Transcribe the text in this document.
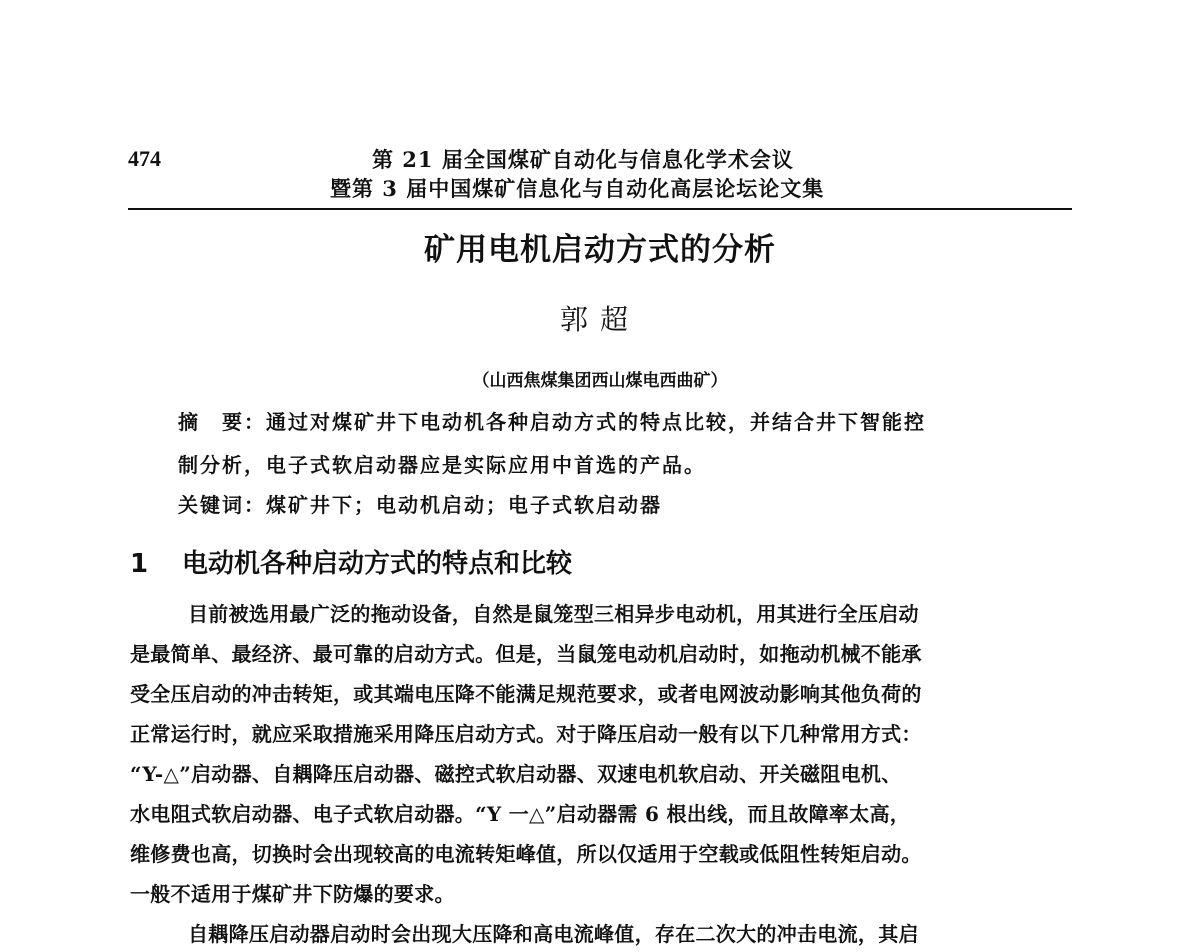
474	第 21 届全国煤矿自动化与信息化学术会议
暨第 3 届中国煤矿信息化与自动化高层论坛论文集
矿用电机启动方式的分析
郭超
（山西焦煤集团西山煤电西曲矿）
摘　要：通过对煤矿井下电动机各种启动方式的特点比较，并结合井下智能控
制分析，电子式软启动器应是实际应用中首选的产品。
关键词：煤矿井下；电动机启动；电子式软启动器
1 电动机各种启动方式的特点和比较
目前被选用最广泛的拖动设备，自然是鼠笼型三相异步电动机，用其进行全压启动
是最简单、最经济、最可靠的启动方式。但是，当鼠笼电动机启动时，如拖动机械不能承
受全压启动的冲击转矩，或其端电压降不能满足规范要求，或者电网波动影响其他负荷的
正常运行时，就应采取措施采用降压启动方式。对于降压启动一般有以下几种常用方式：
“Y-△”启动器、自耦降压启动器、磁控式软启动器、双速电机软启动、开关磁阻电机、
水电阻式软启动器、电子式软启动器。“Y 一△”启动器需 6 根出线，而且故障率太高，
维修费也高，切换时会出现较高的电流转矩峰值，所以仅适用于空载或低阻性转矩启动。
一般不适用于煤矿井下防爆的要求。
自耦降压启动器启动时会出现大压降和高电流峰值，存在二次大的冲击电流，其启
